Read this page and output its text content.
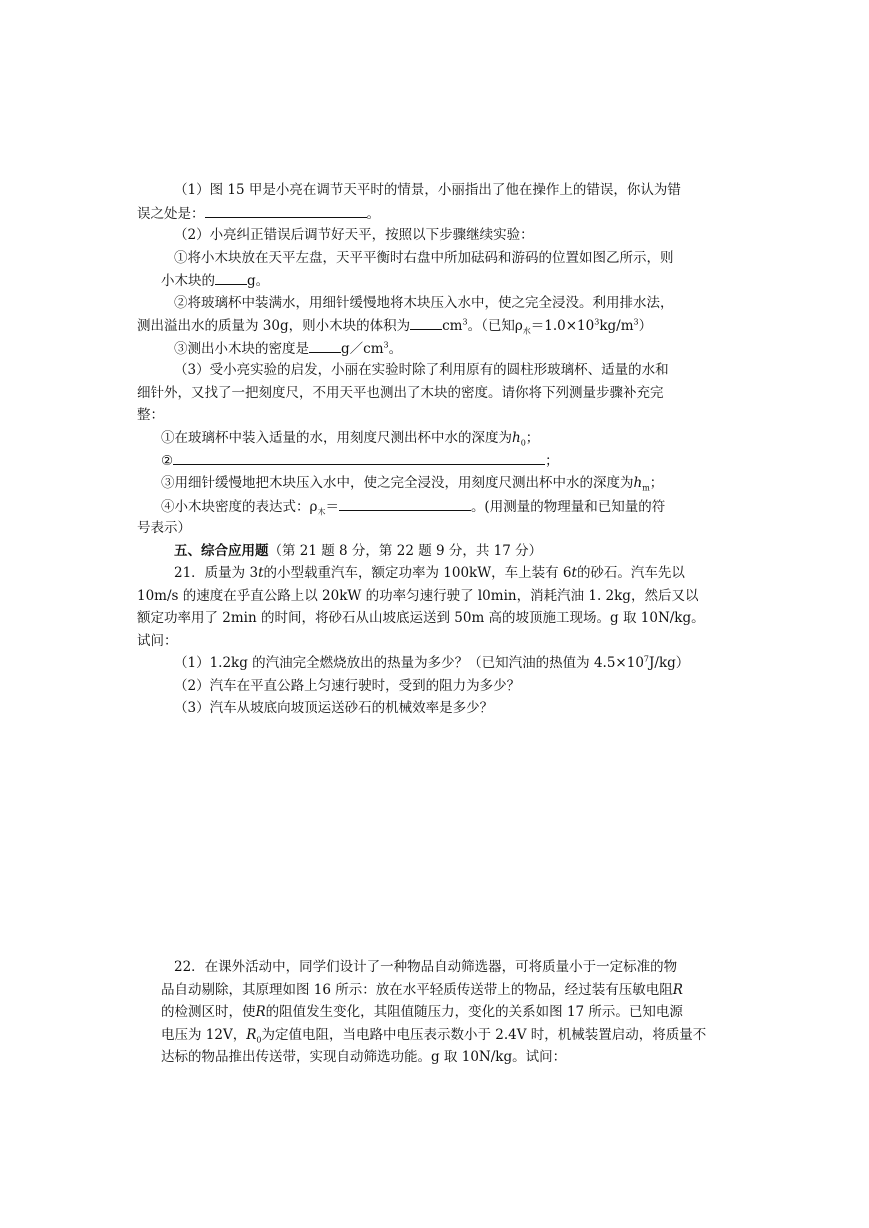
（1）图 15 甲是小亮在调节天平时的情景，小丽指出了他在操作上的错误，你认为错
误之处是：	。
（2）小亮纠正错误后调节好天平，按照以下步骤继续实验：
①将小木块放在天平左盘，天平平衡时右盘中所加砝码和游码的位置如图乙所示，则
小木块的 g。
②将玻璃杯中装满水，用细针缓慢地将木块压入水中，使之完全浸没。利用排水法，
测出溢出水的质量为 30g，则小木块的体积为 $cm^3$。（已知$\rho_水=1.0\times 10^3kg/m^3$）
③测出小木块的密度是 $g/cm^3$。
（3）受小亮实验的启发，小丽在实验时除了利用原有的圆柱形玻璃杯、适量的水和
细针外，又找了一把刻度尺，不用天平也测出了木块的密度。请你将下列测量步骤补充完
整：
①在玻璃杯中装入适量的水，用刻度尺测出杯中水的深度为$h_0$；
②	；
③用细针缓慢地把木块压入水中，使之完全浸没，用刻度尺测出杯中水的深度为$h_m$；
④小木块密度的表达式：$\rho_木=$	。(用测量的物理量和已知量的符
号表示）
五、综合应用题（第 21 题 8 分，第 22 题 9 分，共 17 分）
21．质量为 3t的小型载重汽车，额定功率为 100kW，车上装有 6t的砂石。汽车先以
10m/s 的速度在乎直公路上以 20kW 的功率匀速行驶了 l0min，消耗汽油 1. 2kg，然后又以
额定功率用了 2min 的时间，将砂石从山坡底运送到 50m 高的坡顶施工现场。g 取 10N/kg。
试问：
（1）1.2kg 的汽油完全燃烧放出的热量为多少？（已知汽油的热值为 $4.5\times 10^7J/kg$）
（2）汽车在平直公路上匀速行驶时，受到的阻力为多少？
（3）汽车从坡底向坡顶运送砂石的机械效率是多少？
22．在课外活动中，同学们设计了一种物品自动筛选器，可将质量小于一定标准的物
品自动剔除，其原理如图 16 所示：放在水平轻质传送带上的物品，经过装有压敏电阻R
的检测区时，使R的阻值发生变化，其阻值随压力，变化的关系如图 17 所示。已知电源
电压为 12V，$R_0$为定值电阻，当电路中电压表示数小于 2.4V 时，机械装置启动，将质量不
达标的物品推出传送带，实现自动筛选功能。g 取 10N/kg。试问：
